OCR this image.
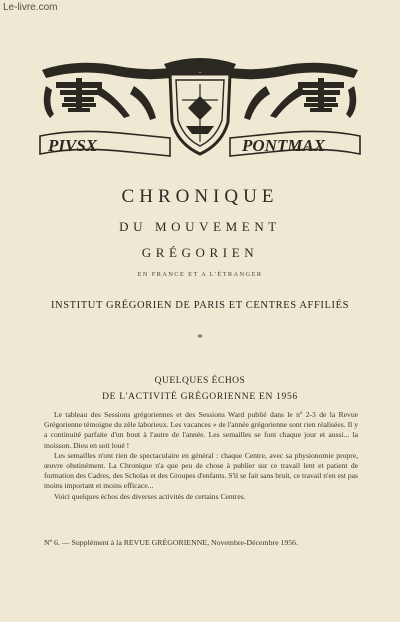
Le-livre.com
PIVSX	PONTMAX
CHRONIQUE
DU MOUVEMENT
GRÉGORIEN
EN FRANCE ET A L'ÉTRANGER
INSTITUT GRÉGORIEN DE PARIS ET CENTRES AFFILIÉS
*
QUELQUES ÉCHOS
DE L'ACTIVITÉ GRÉGORIENNE EN 1956

Le tableau des Sessions grégoriennes et des Sessions Ward publié dans le nº 2-3 de la Revue Grégorienne témoigne du zèle laborieux. Les vacances » de l'année grégorienne sont rien réalisées. Il y a continuité parfaite d'un bout à l'autre de l'année. Les semailles se font chaque jour et aussi... la moisson. Dieu en soit loué !

Les semailles n'ont rien de spectaculaire en général : chaque Centre, avec sa physionomie propre, œuvre obstinément. La Chronique n'a que peu de chose à publier sur ce travail lent et patient de formation des Cadres, des Scholas et des Groupes d'enfants. S'il se fait sans bruit, ce travail n'en est pas moins important et moins efficace...

Voici quelques échos des diverses activités de certains Centres.

Nº 6. — Supplément à la REVUE GRÉGORIENNE, Novembre-Décembre 1956.
